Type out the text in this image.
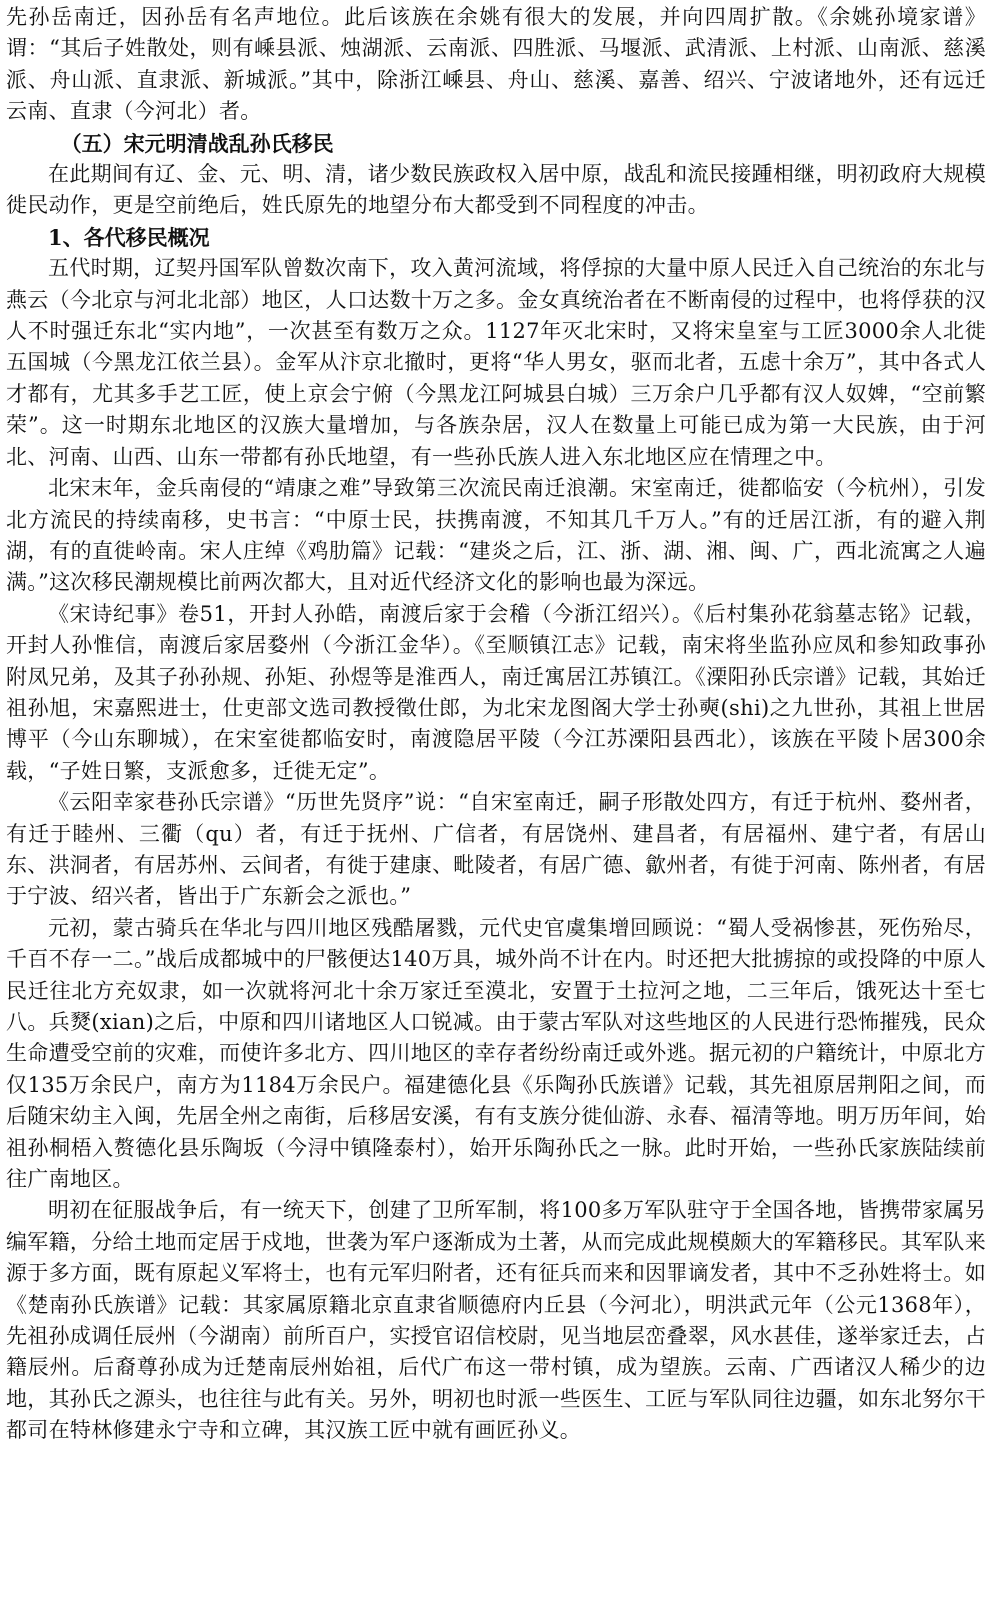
先孙岳南迁，因孙岳有名声地位。此后该族在余姚有很大的发展，并向四周扩散。《余姚孙境家谱》谓：“其后子姓散处，则有嵊县派、烛湖派、云南派、四胜派、马堰派、武清派、上村派、山南派、慈溪派、舟山派、直隶派、新城派。”其中，除浙江嵊县、舟山、慈溪、嘉善、绍兴、宁波诸地外，还有远迁云南、直隶（今河北）者。

（五）宋元明清战乱孙氏移民

在此期间有辽、金、元、明、清，诸少数民族政权入居中原，战乱和流民接踵相继，明初政府大规模徙民动作，更是空前绝后，姓氏原先的地望分布大都受到不同程度的冲击。

1、各代移民概况

五代时期，辽契丹国军队曾数次南下，攻入黄河流域，将俘掠的大量中原人民迁入自己统治的东北与燕云（今北京与河北北部）地区，人口达数十万之多。金女真统治者在不断南侵的过程中，也将俘获的汉人不时强迁东北“实内地”，一次甚至有数万之众。1127年灭北宋时，又将宋皇室与工匠3000余人北徙五国城（今黑龙江依兰县）。金军从汴京北撤时，更将“华人男女，驱而北者，五虑十余万”，其中各式人才都有，尤其多手艺工匠，使上京会宁俯（今黑龙江阿城县白城）三万余户几乎都有汉人奴婢，“空前繁荣”。这一时期东北地区的汉族大量增加，与各族杂居，汉人在数量上可能已成为第一大民族，由于河北、河南、山西、山东一带都有孙氏地望，有一些孙氏族人进入东北地区应在情理之中。

北宋末年，金兵南侵的“靖康之难”导致第三次流民南迁浪潮。宋室南迁，徙都临安（今杭州），引发北方流民的持续南移，史书言：“中原士民，扶携南渡，不知其几千万人。”有的迁居江浙，有的避入荆湖，有的直徙岭南。宋人庄绰《鸡肋篇》记载：“建炎之后，江、浙、湖、湘、闽、广，西北流寓之人遍满。”这次移民潮规模比前两次都大，且对近代经济文化的影响也最为深远。

《宋诗纪事》卷51，开封人孙皓，南渡后家于会稽（今浙江绍兴）。《后村集孙花翁墓志铭》记载，开封人孙惟信，南渡后家居婺州（今浙江金华）。《至顺镇江志》记载，南宋将坐监孙应凤和参知政事孙附凤兄弟，及其子孙孙规、孙矩、孙煜等是淮西人，南迁寓居江苏镇江。《溧阳孙氏宗谱》记载，其始迁祖孙旭，宋嘉熙进士，仕吏部文选司教授徵仕郎，为北宋龙图阁大学士孙奭(shi)之九世孙，其祖上世居博平（今山东聊城），在宋室徙都临安时，南渡隐居平陵（今江苏溧阳县西北），该族在平陵卜居300余载，“子姓日繁，支派愈多，迁徙无定”。

《云阳幸家巷孙氏宗谱》“历世先贤序”说：“自宋室南迁，嗣子形散处四方，有迁于杭州、婺州者，有迁于睦州、三衢（qu）者，有迁于抚州、广信者，有居饶州、建昌者，有居福州、建宁者，有居山东、洪洞者，有居苏州、云间者，有徙于建康、毗陵者，有居广德、歙州者，有徙于河南、陈州者，有居于宁波、绍兴者，皆出于广东新会之派也。”

元初，蒙古骑兵在华北与四川地区残酷屠戮，元代史官虞集增回顾说：“蜀人受祸惨甚，死伤殆尽，千百不存一二。”战后成都城中的尸骸便达140万具，城外尚不计在内。时还把大批掳掠的或投降的中原人民迁往北方充奴隶，如一次就将河北十余万家迁至漠北，安置于土拉河之地，二三年后，饿死达十至七八。兵燹(xian)之后，中原和四川诸地区人口锐减。由于蒙古军队对这些地区的人民进行恐怖摧残，民众生命遭受空前的灾难，而使许多北方、四川地区的幸存者纷纷南迁或外逃。据元初的户籍统计，中原北方仅135万余民户，南方为1184万余民户。福建德化县《乐陶孙氏族谱》记载，其先祖原居荆阳之间，而后随宋幼主入闽，先居全州之南街，后移居安溪，有有支族分徙仙游、永春、福清等地。明万历年间，始祖孙桐梧入赘德化县乐陶坂（今浔中镇隆泰村），始开乐陶孙氏之一脉。此时开始，一些孙氏家族陆续前往广南地区。

明初在征服战争后，有一统天下，创建了卫所军制，将100多万军队驻守于全国各地，皆携带家属另编军籍，分给土地而定居于戍地，世袭为军户逐渐成为土著，从而完成此规模颇大的军籍移民。其军队来源于多方面，既有原起义军将士，也有元军归附者，还有征兵而来和因罪谪发者，其中不乏孙姓将士。如《楚南孙氏族谱》记载：其家属原籍北京直隶省顺德府内丘县（今河北），明洪武元年（公元1368年），先祖孙成调任辰州（今湖南）前所百户，实授官诏信校尉，见当地层峦叠翠，风水甚佳，遂举家迁去，占籍辰州。后裔尊孙成为迁楚南辰州始祖，后代广布这一带村镇，成为望族。云南、广西诸汉人稀少的边地，其孙氏之源头，也往往与此有关。另外，明初也时派一些医生、工匠与军队同往边疆，如东北努尔干都司在特林修建永宁寺和立碑，其汉族工匠中就有画匠孙义。
